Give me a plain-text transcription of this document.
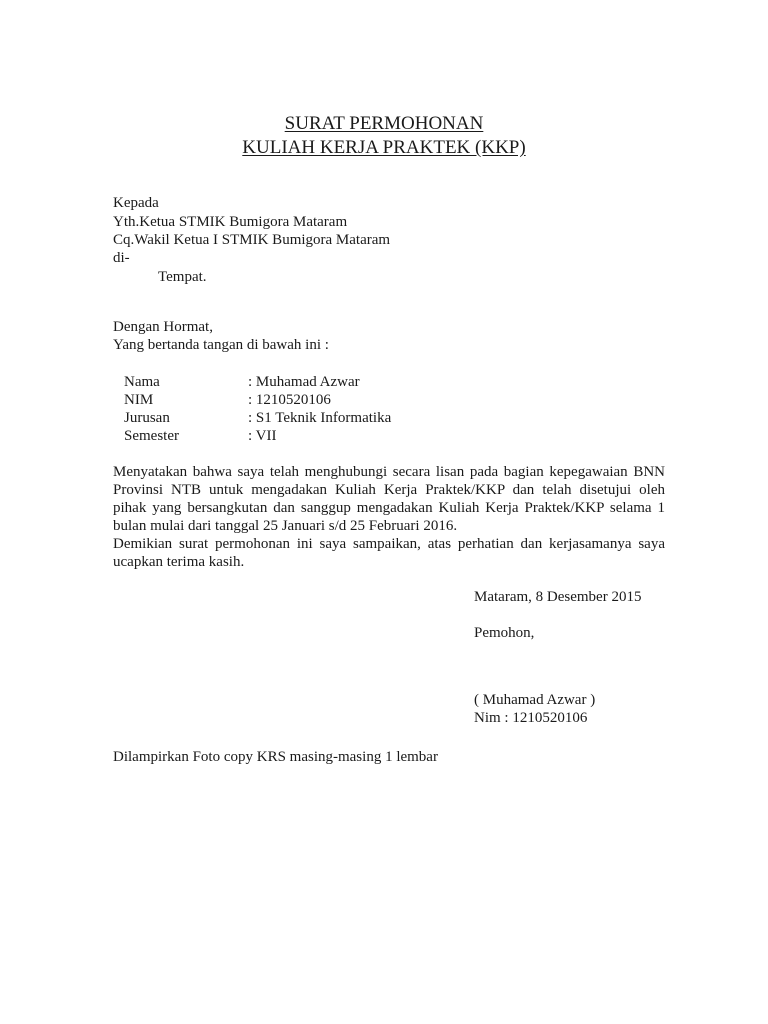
SURAT PERMOHONAN
KULIAH KERJA PRAKTEK (KKP)
Kepada
Yth.Ketua STMIK Bumigora Mataram
Cq.Wakil Ketua I STMIK Bumigora Mataram
di-
Tempat.
Dengan Hormat,
Yang bertanda tangan di bawah ini :
Nama	: Muhamad Azwar
NIM	: 1210520106
Jurusan	: S1 Teknik Informatika
Semester	: VII
Menyatakan bahwa saya telah menghubungi secara lisan pada bagian kepegawaian BNN
Provinsi NTB untuk mengadakan Kuliah Kerja Praktek/KKP dan telah disetujui oleh
pihak yang bersangkutan dan sanggup mengadakan Kuliah Kerja Praktek/KKP selama 1
bulan mulai dari tanggal 25 Januari s/d 25 Februari 2016.
Demikian surat permohonan ini saya sampaikan, atas perhatian dan kerjasamanya saya
ucapkan terima kasih.
Mataram, 8 Desember 2015
Pemohon,
( Muhamad Azwar )
Nim : 1210520106
Dilampirkan Foto copy KRS masing-masing 1 lembar
